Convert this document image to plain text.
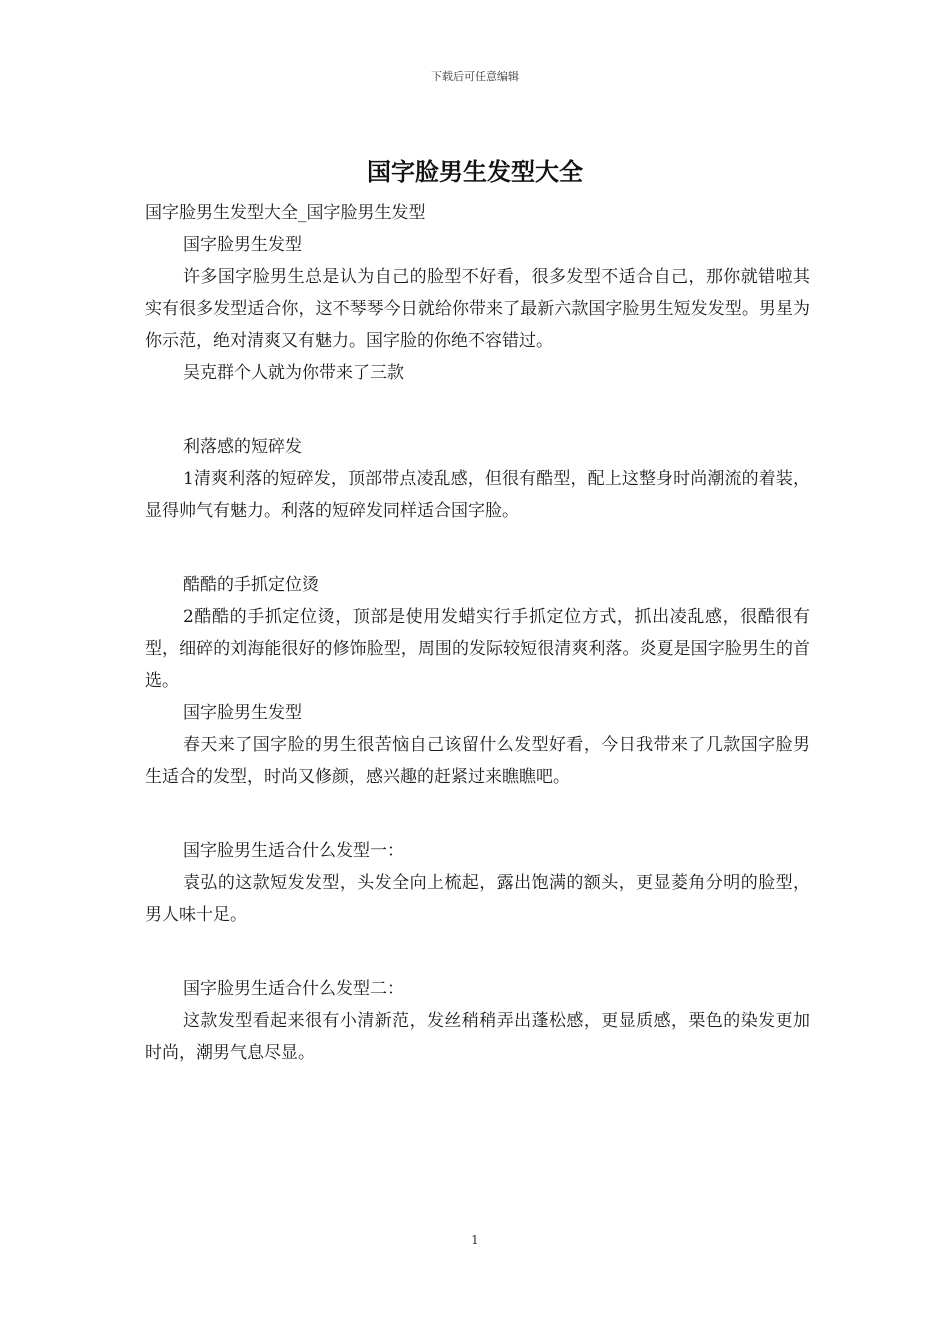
下载后可任意编辑
国字脸男生发型大全

国字脸男生发型大全_国字脸男生发型

国字脸男生发型

许多国字脸男生总是认为自己的脸型不好看，很多发型不适合自己，那你就错啦其实有很多发型适合你，这不琴琴今日就给你带来了最新六款国字脸男生短发发型。男星为你示范，绝对清爽又有魅力。国字脸的你绝不容错过。

吴克群个人就为你带来了三款

利落感的短碎发

1清爽利落的短碎发，顶部带点凌乱感，但很有酷型，配上这整身时尚潮流的着装，显得帅气有魅力。利落的短碎发同样适合国字脸。

酷酷的手抓定位烫

2酷酷的手抓定位烫，顶部是使用发蜡实行手抓定位方式，抓出凌乱感，很酷很有型，细碎的刘海能很好的修饰脸型，周围的发际较短很清爽利落。炎夏是国字脸男生的首选。

国字脸男生发型

春天来了国字脸的男生很苦恼自己该留什么发型好看，今日我带来了几款国字脸男生适合的发型，时尚又修颜，感兴趣的赶紧过来瞧瞧吧。

国字脸男生适合什么发型一：

袁弘的这款短发发型，头发全向上梳起，露出饱满的额头，更显菱角分明的脸型，男人味十足。

国字脸男生适合什么发型二：

这款发型看起来很有小清新范，发丝稍稍弄出蓬松感，更显质感，栗色的染发更加时尚，潮男气息尽显。

1
